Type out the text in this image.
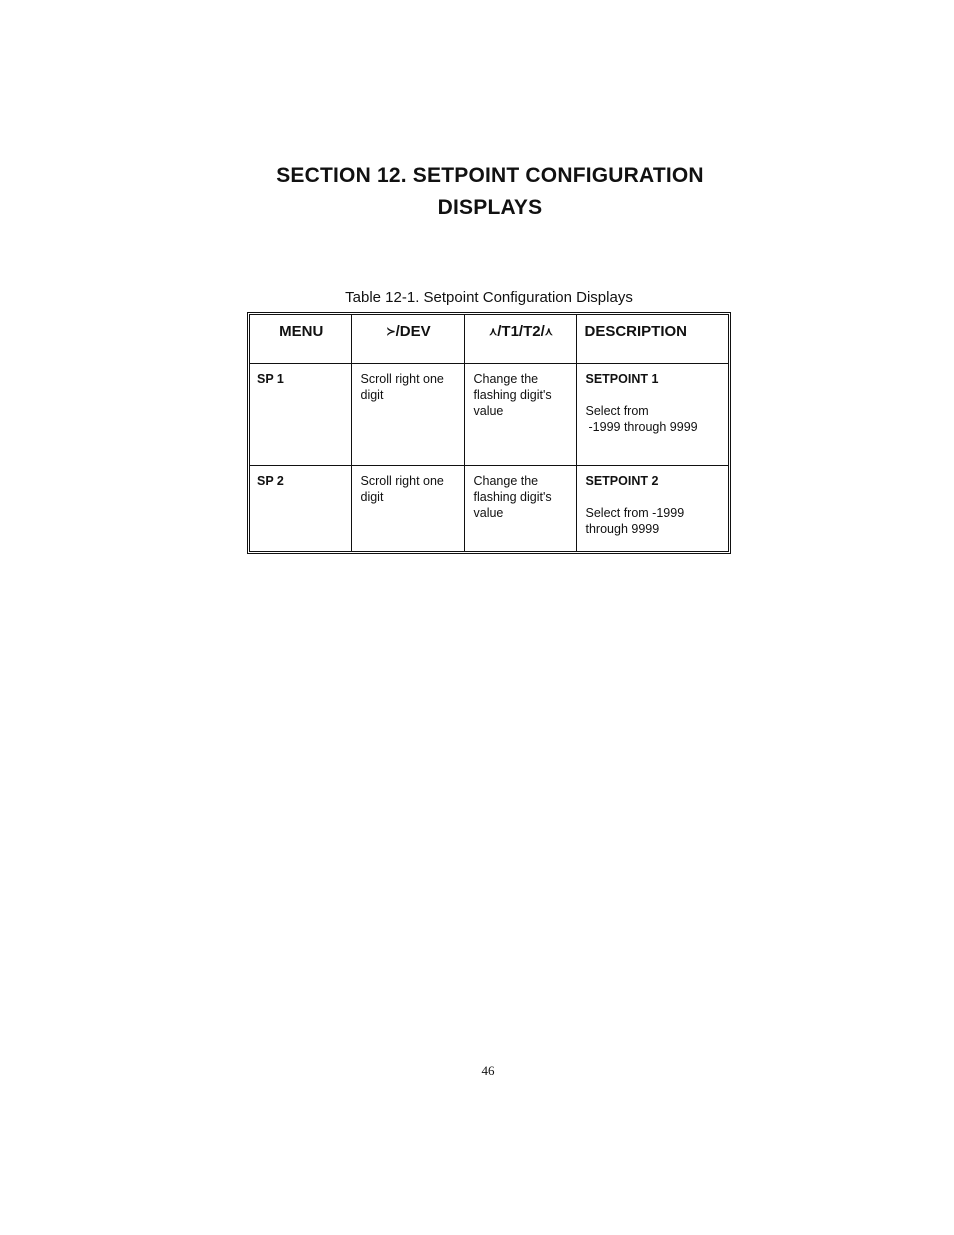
SECTION 12. SETPOINT CONFIGURATION
DISPLAYS
Table 12-1. Setpoint Configuration Displays
MENU	≻/DEV	⋏/T1/T2/⋏	DESCRIPTION
SP 1	Scroll right one digit	Change the flashing digit's value	SETPOINT 1
Select from
-1999 through 9999

SP 2	Scroll right one digit	Change the flashing digit's value	SETPOINT 2
Select from -1999
through 9999
46
